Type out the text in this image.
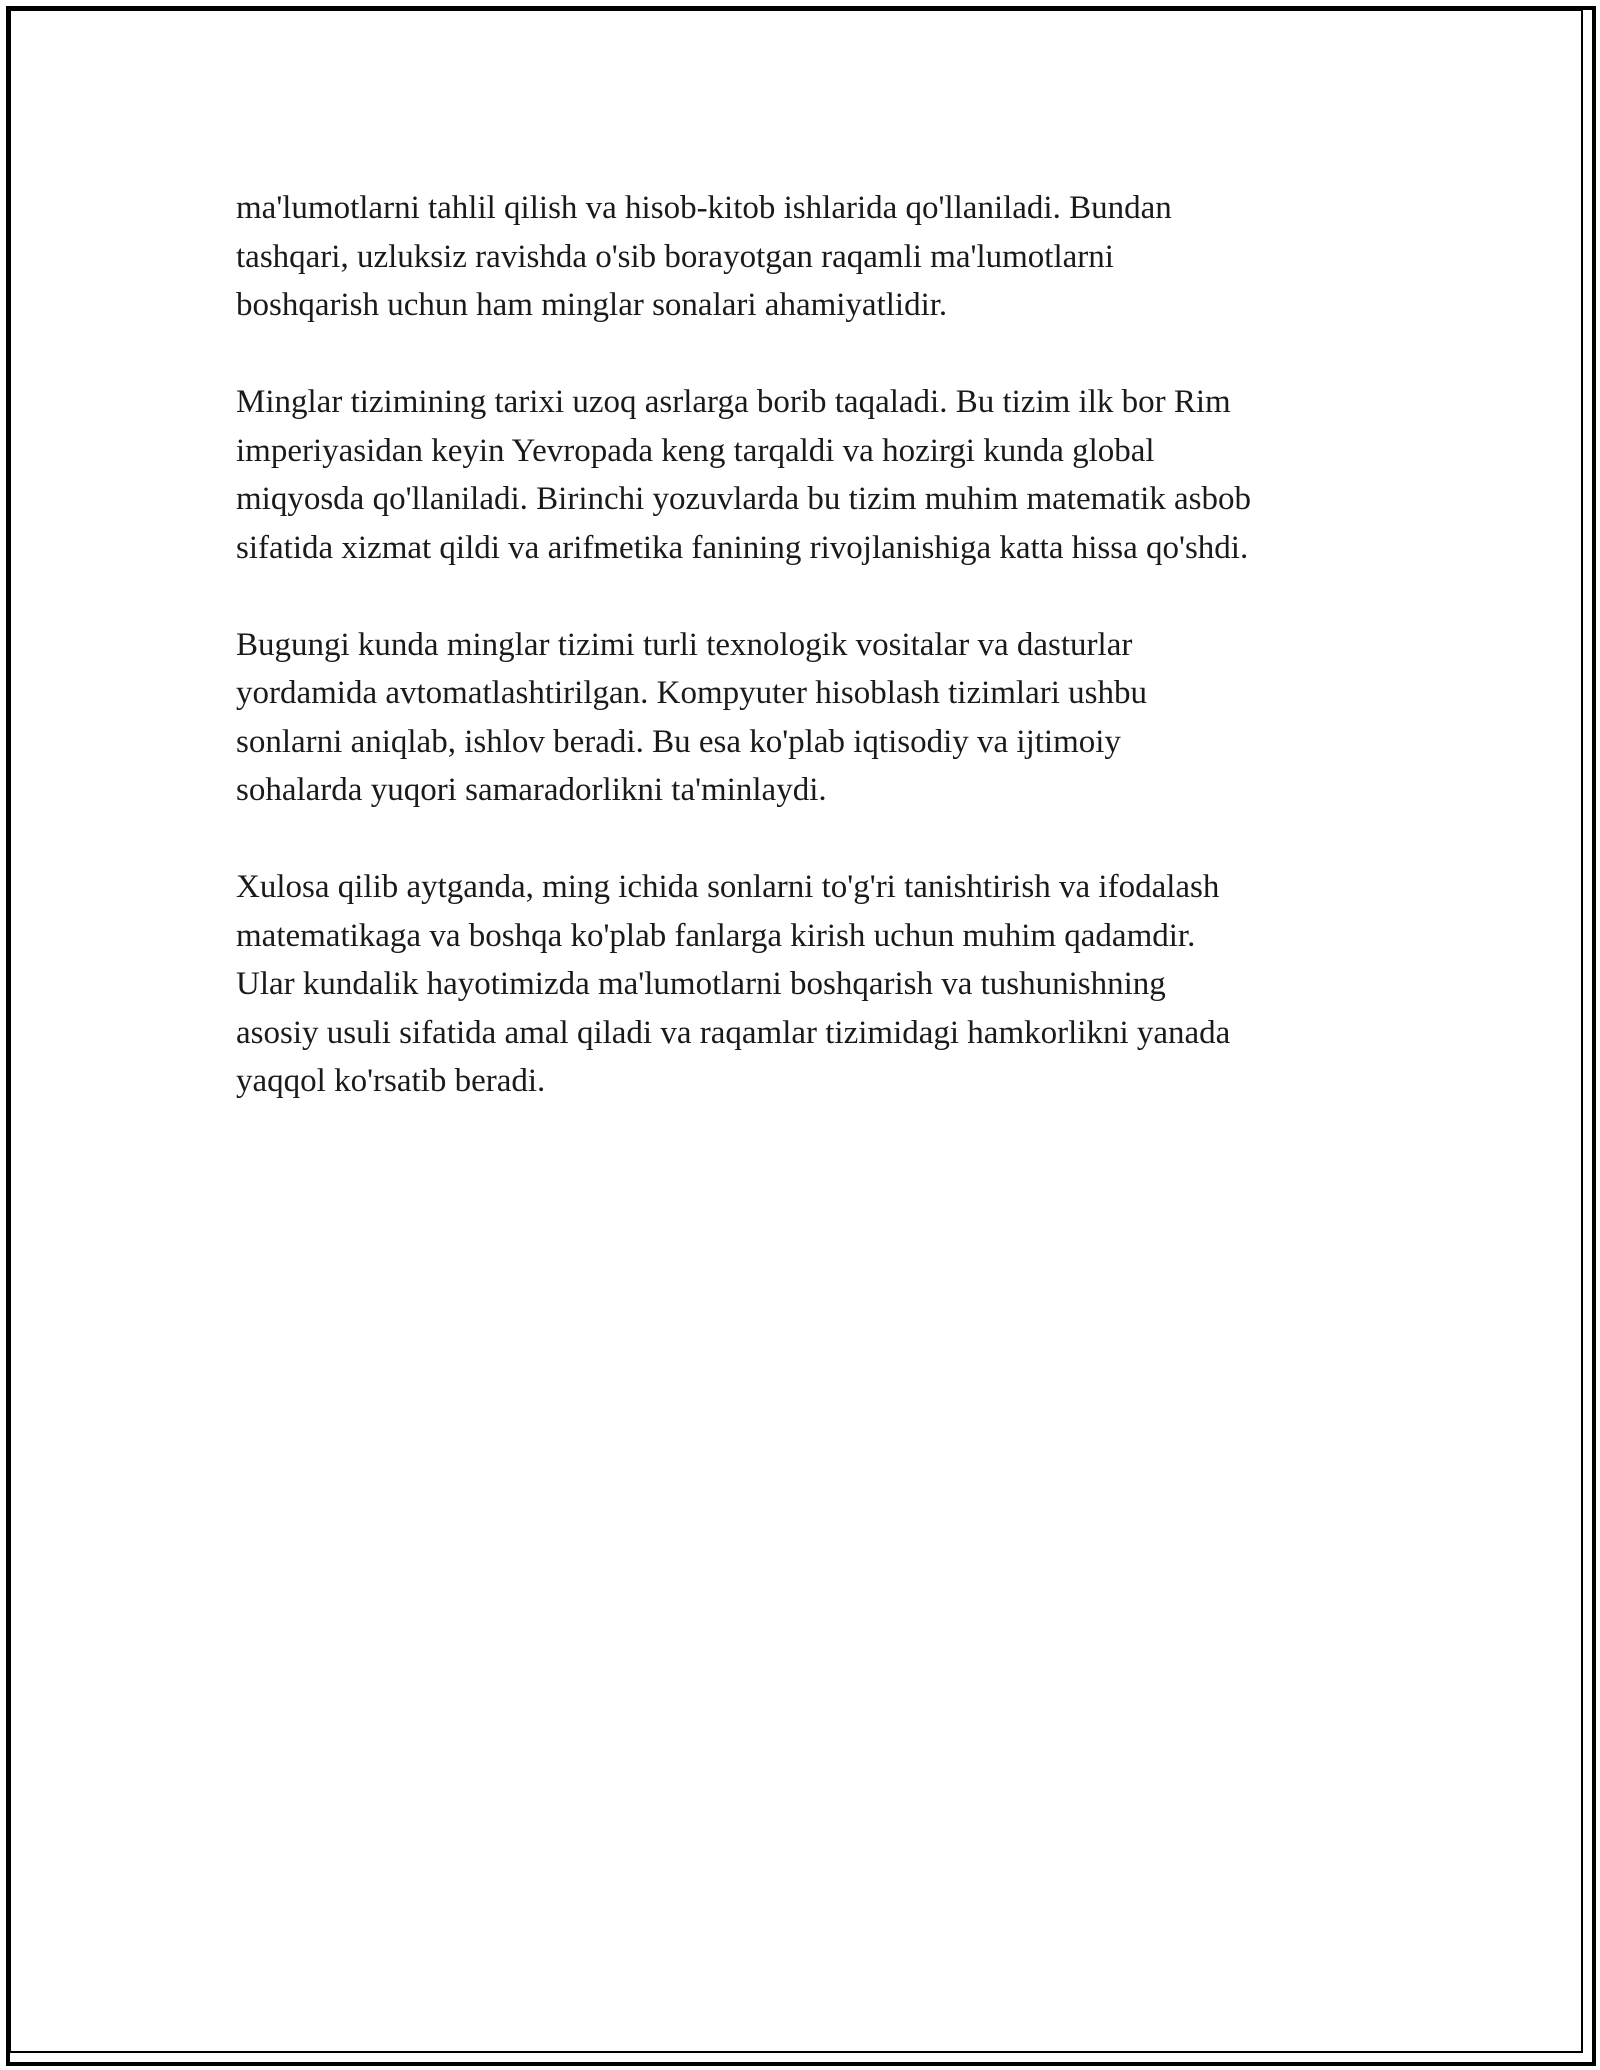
ma'lumotlarni tahlil qilish va hisob-kitob ishlarida qo'llaniladi. Bundan
tashqari, uzluksiz ravishda o'sib borayotgan raqamli ma'lumotlarni
boshqarish uchun ham minglar sonalari ahamiyatlidir.

Minglar tizimining tarixi uzoq asrlarga borib taqaladi. Bu tizim ilk bor Rim
imperiyasidan keyin Yevropada keng tarqaldi va hozirgi kunda global
miqyosda qo'llaniladi. Birinchi yozuvlarda bu tizim muhim matematik asbob
sifatida xizmat qildi va arifmetika fanining rivojlanishiga katta hissa qo'shdi.

Bugungi kunda minglar tizimi turli texnologik vositalar va dasturlar
yordamida avtomatlashtirilgan. Kompyuter hisoblash tizimlari ushbu
sonlarni aniqlab, ishlov beradi. Bu esa ko'plab iqtisodiy va ijtimoiy
sohalarda yuqori samaradorlikni ta'minlaydi.

Xulosa qilib aytganda, ming ichida sonlarni to'g'ri tanishtirish va ifodalash
matematikaga va boshqa ko'plab fanlarga kirish uchun muhim qadamdir.
Ular kundalik hayotimizda ma'lumotlarni boshqarish va tushunishning
asosiy usuli sifatida amal qiladi va raqamlar tizimidagi hamkorlikni yanada
yaqqol ko'rsatib beradi.
